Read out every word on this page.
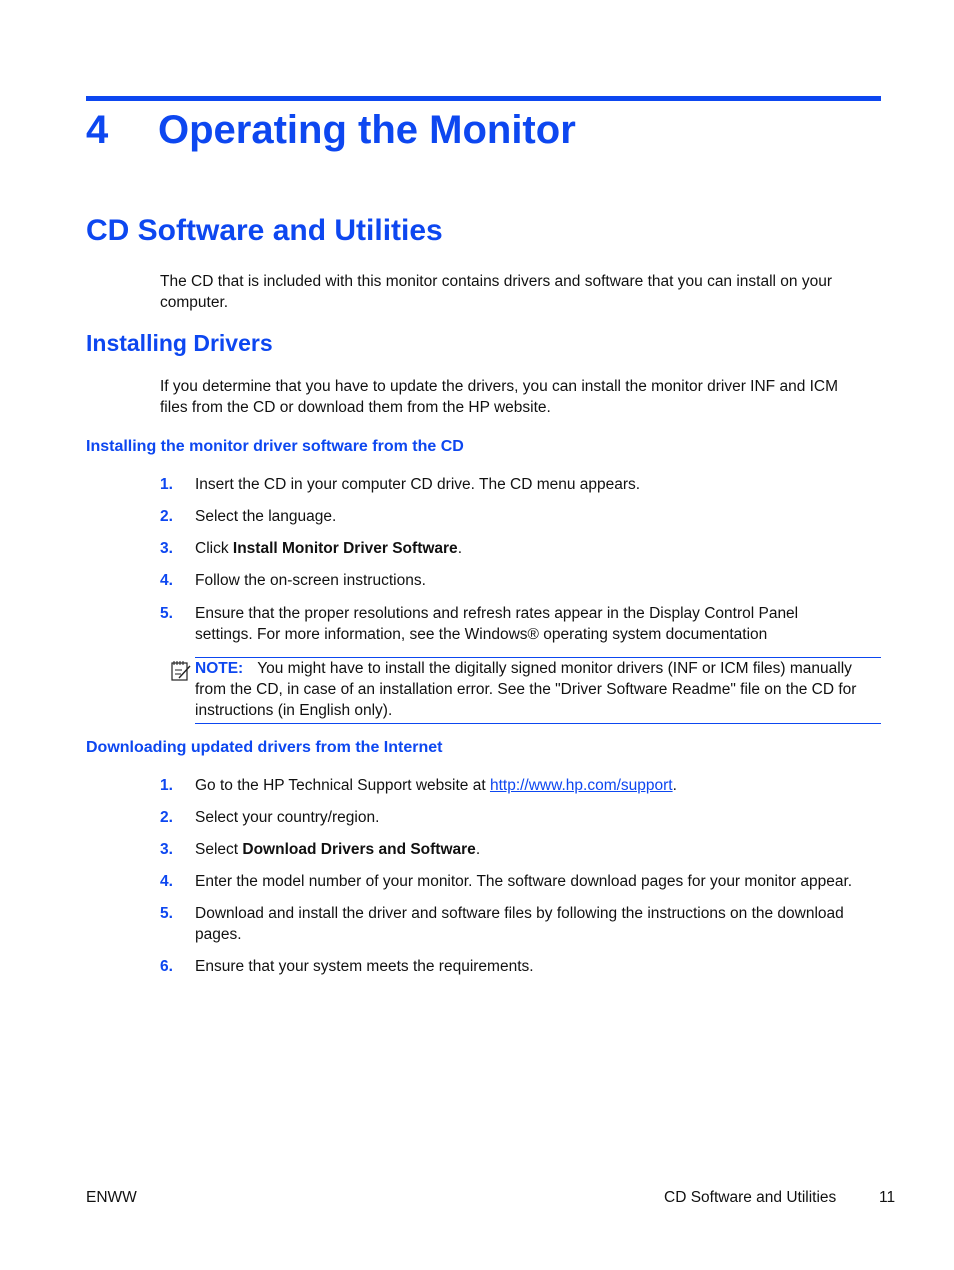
4 Operating the Monitor
CD Software and Utilities

The CD that is included with this monitor contains drivers and software that you can install on your computer.

Installing Drivers

If you determine that you have to update the drivers, you can install the monitor driver INF and ICM files from the CD or download them from the HP website.

Installing the monitor driver software from the CD
1. Insert the CD in your computer CD drive. The CD menu appears.
2. Select the language.
3. Click Install Monitor Driver Software.
4. Follow the on-screen instructions.
5. Ensure that the proper resolutions and refresh rates appear in the Display Control Panel settings. For more information, see the Windows® operating system documentation
NOTE: You might have to install the digitally signed monitor drivers (INF or ICM files) manually from the CD, in case of an installation error. See the "Driver Software Readme" file on the CD for instructions (in English only).
Downloading updated drivers from the Internet
1. Go to the HP Technical Support website at http://www.hp.com/support.
2. Select your country/region.
3. Select Download Drivers and Software.
4. Enter the model number of your monitor. The software download pages for your monitor appear.
5. Download and install the driver and software files by following the instructions on the download pages.
6. Ensure that your system meets the requirements.
ENWW	CD Software and Utilities	11
